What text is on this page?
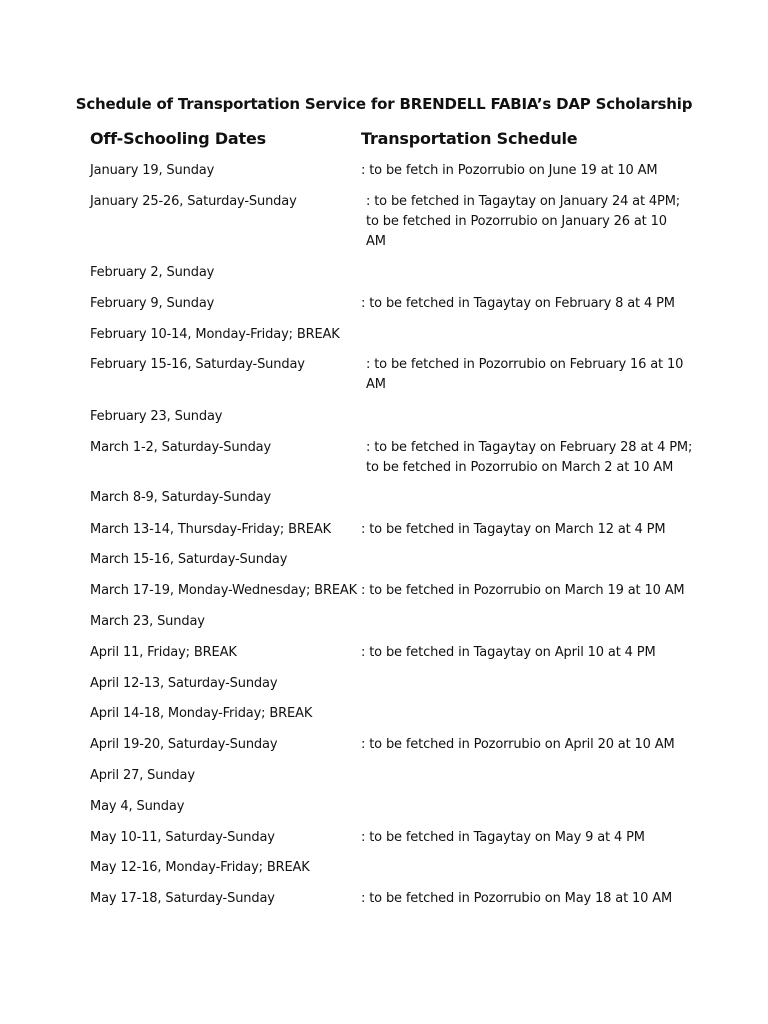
Schedule of Transportation Service for BRENDELL FABIA’s DAP Scholarship
Off-Schooling Dates	Transportation Schedule
January 19, Sunday	: to be fetch in Pozorrubio on June 19 at 10 AM
January 25-26, Saturday-Sunday	: to be fetched in Tagaytay on January 24 at 4PM;
to be fetched in Pozorrubio on January 26 at 10
AM
February 2, Sunday
February 9, Sunday	: to be fetched in Tagaytay on February 8 at 4 PM
February 10-14, Monday-Friday; BREAK
February 15-16, Saturday-Sunday	: to be fetched in Pozorrubio on February 16 at 10
AM
February 23, Sunday
March 1-2, Saturday-Sunday	: to be fetched in Tagaytay on February 28 at 4 PM;
to be fetched in Pozorrubio on March 2 at 10 AM
March 8-9, Saturday-Sunday
March 13-14, Thursday-Friday; BREAK	: to be fetched in Tagaytay on March 12 at 4 PM
March 15-16, Saturday-Sunday
March 17-19, Monday-Wednesday; BREAK : to be fetched in Pozorrubio on March 19 at 10 AM
March 23, Sunday
April 11, Friday; BREAK	: to be fetched in Tagaytay on April 10 at 4 PM
April 12-13, Saturday-Sunday
April 14-18, Monday-Friday; BREAK
April 19-20, Saturday-Sunday	: to be fetched in Pozorrubio on April 20 at 10 AM
April 27, Sunday
May 4, Sunday
May 10-11, Saturday-Sunday	: to be fetched in Tagaytay on May 9 at 4 PM
May 12-16, Monday-Friday; BREAK
May 17-18, Saturday-Sunday	: to be fetched in Pozorrubio on May 18 at 10 AM
